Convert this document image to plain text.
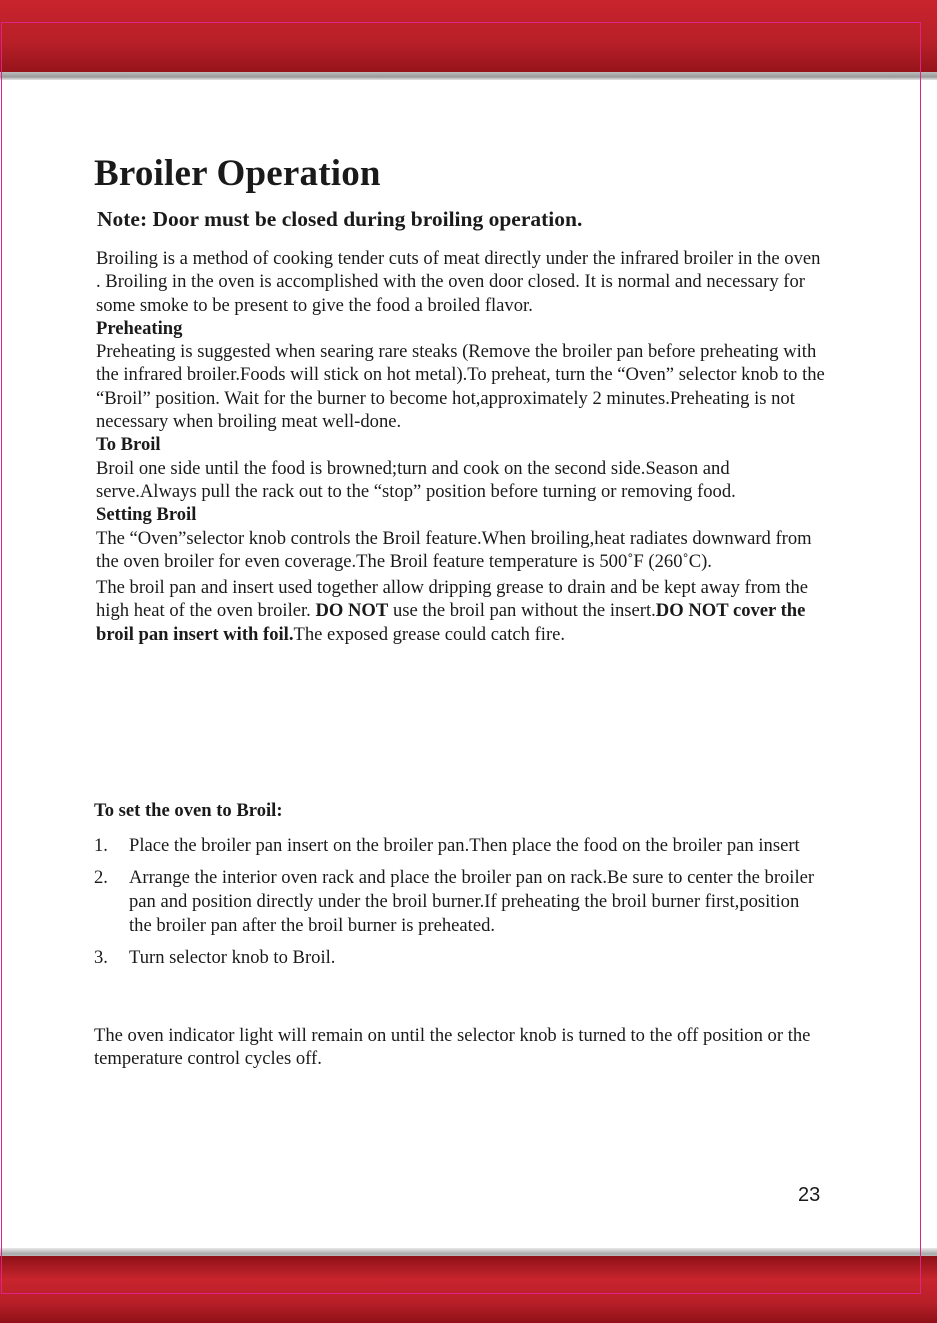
Broiler Operation
Note: Door must be closed during broiling operation.

Broiling is a method of cooking tender cuts of meat directly under the infrared broiler in the oven . Broiling in the oven is accomplished with the oven door closed. It is normal and necessary for some smoke to be present to give the food a broiled flavor.

Preheating

Preheating is suggested when searing rare steaks (Remove the broiler pan before preheating with the infrared broiler.Foods will stick on hot metal).To preheat, turn the “Oven” selector knob to the “Broil” position. Wait for the burner to become hot,approximately 2 minutes.Preheating is not necessary when broiling meat well-done.

To Broil

Broil one side until the food is browned;turn and cook on the second side.Season and serve.Always pull the rack out to the “stop” position before turning or removing food.

Setting Broil

The “Oven”selector knob controls the Broil feature.When broiling,heat radiates downward from the oven broiler for even coverage.The Broil feature temperature is 500˚F (260˚C).

The broil pan and insert used together allow dripping grease to drain and be kept away from the high heat of the oven broiler. DO NOT use the broil pan without the insert.DO NOT cover the broil pan insert with foil.The exposed grease could catch fire.

To set the oven to Broil:
1. Place the broiler pan insert on the broiler pan.Then place the food on the broiler pan insert
2. Arrange the interior oven rack and place the broiler pan on rack.Be sure to center the broiler pan and position directly under the broil burner.If preheating the broil burner first,position the broiler pan after the broil burner is preheated.
3. Turn selector knob to Broil.

The oven indicator light will remain on until the selector knob is turned to the off position or the temperature control cycles off.

23
